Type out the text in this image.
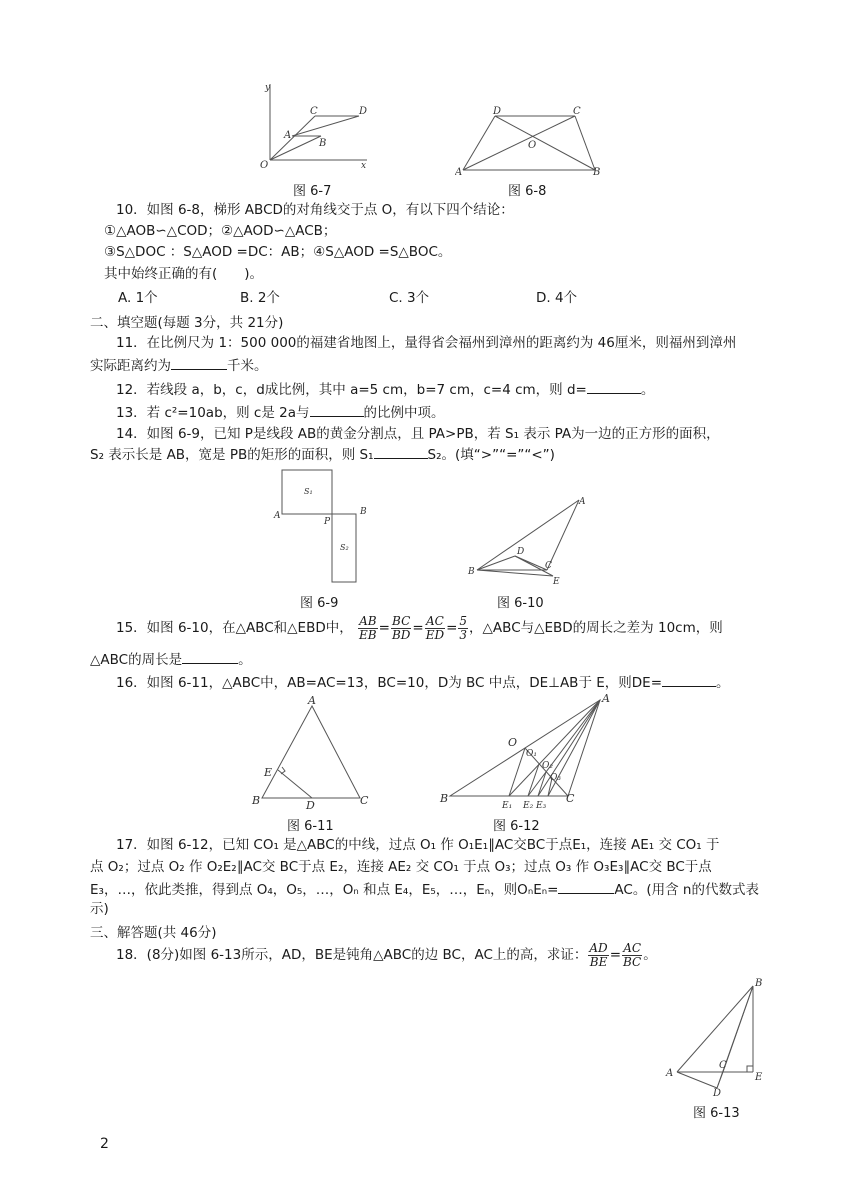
y
x
O
A
B
C	D
图 6-7
D	C
A	B
O
图 6-8
10．如图 6-8，梯形 ABCD的对角线交于点 O，有以下四个结论：
①△AOB∽△COD；②△AOD∽△ACB；
③S△DOC ：S△AOD =DC：AB；④S△AOD =S△BOC。
其中始终正确的有(　　)。
A. 1个	B. 2个	C. 3个	D. 4个
二、填空题(每题 3分，共 21分)
11．在比例尺为 1：500 000的福建省地图上，量得省会福州到漳州的距离约为 46厘米，则福州到漳州
实际距离约为	千米。
12．若线段 a，b，c，d成比例，其中 a=5 cm，b=7 cm，c=4 cm，则 d=	。
13．若 c²=10ab，则 c是 2a与	的比例中项。
14．如图 6-9，已知 P是线段 AB的黄金分割点，且 PA>PB，若 S₁ 表示 PA为一边的正方形的面积，
S₂ 表示长是 AB，宽是 PB的矩形的面积，则 S₁	S₂。(填“>”“=”“<”)
S₁
S₂
A
P
B
图 6-9
A
B
C
D
E
图 6-10
15．如图 6-10，在△ABC和△EBD中， $\frac{AB}{EB} = \frac{BC}{BD} = \frac{AC}{ED} = \frac{5}{3}$ ，△ABC与△EBD的周长之差为 10cm，则
△ABC的周长是	。
16．如图 6-11，△ABC中，AB=AC=13，BC=10，D为 BC 中点，DE⊥AB于 E，则DE=	。
A
B	C
D
E
图 6-11
A
B	C
O
O₁
O₂
O₃
E₁ E₂ E₃
图 6-12
17．如图 6-12，已知 CO₁ 是△ABC的中线，过点 O₁ 作 O₁E₁∥AC交BC于点E₁，连接 AE₁ 交 CO₁ 于
点 O₂；过点 O₂ 作 O₂E₂∥AC交 BC于点 E₂，连接 AE₂ 交 CO₁ 于点 O₃；过点 O₃ 作 O₃E₃∥AC交 BC于点
E₃，…，依此类推，得到点 O₄，O₅，…，Oₙ 和点 E₄，E₅，…，Eₙ，则OₙEₙ=	AC。(用含 n的代数式表
示)
三、解答题(共 46分)
18．(8分)如图 6-13所示，AD，BE是钝角△ABC的边 BC，AC上的高，求证： $\frac{AD}{BE} = \frac{AC}{BC}$ 。
B
A
C
D
E
图 6-13
2
